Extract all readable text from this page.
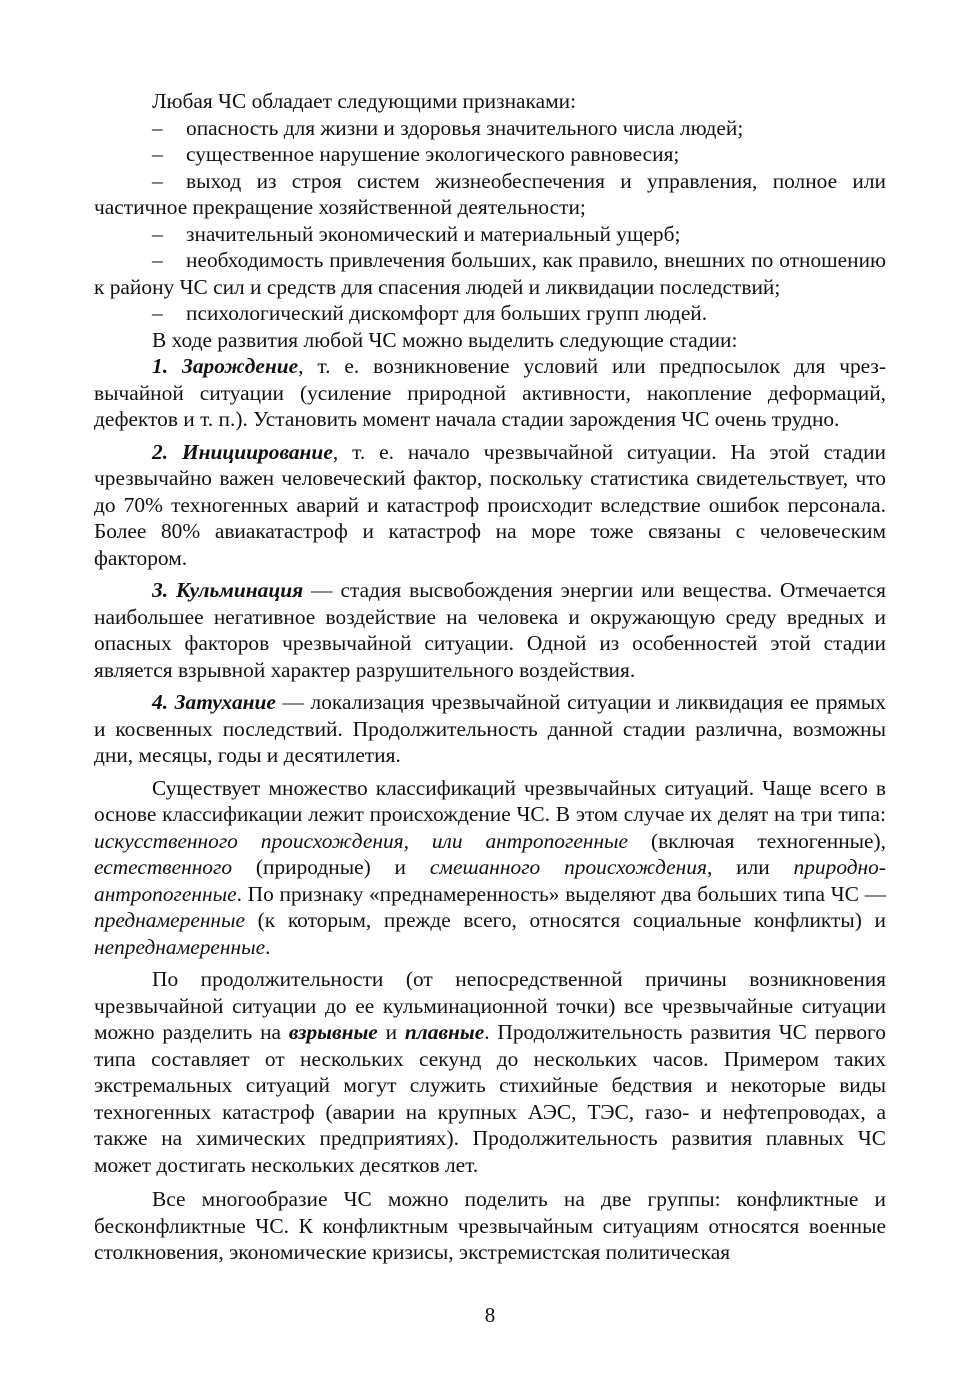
Любая ЧС обладает следующими признаками:

– опасность для жизни и здоровья значительного числа людей;

– существенное нарушение экологического равновесия;

– выход из строя систем жизнеобеспечения и управления, полное или частичное прекращение хозяйственной деятельности;

– значительный экономический и материальный ущерб;

– необходимость привлечения больших, как правило, внешних по отношению к району ЧС сил и средств для спасения людей и ликвидации последствий;

– психологический дискомфорт для больших групп людей.

В ходе развития любой ЧС можно выделить следующие стадии:

1. Зарождение, т. е. возникновение условий или предпосылок для чрезвычайной ситуации (усиление природной активности, накопление деформаций, дефектов и т. п.). Установить момент начала стадии зарождения ЧС очень трудно.

2. Инициирование, т. е. начало чрезвычайной ситуации. На этой стадии чрезвычайно важен человеческий фактор, поскольку статистика свидетельствует, что до 70% техногенных аварий и катастроф происходит вследствие ошибок персонала. Более 80% авиакатастроф и катастроф на море тоже связаны с человеческим фактором.

3. Кульминация — стадия высвобождения энергии или вещества. Отмечается наибольшее негативное воздействие на человека и окружающую среду вредных и опасных факторов чрезвычайной ситуации. Одной из особенностей этой стадии является взрывной характер разрушительного воздействия.

4. Затухание — локализация чрезвычайной ситуации и ликвидация ее прямых и косвенных последствий. Продолжительность данной стадии различна, возможны дни, месяцы, годы и десятилетия.

Существует множество классификаций чрезвычайных ситуаций. Чаще всего в основе классификации лежит происхождение ЧС. В этом случае их делят на три типа: искусственного происхождения, или антропогенные (включая техногенные), естественного (природные) и смешанного происхождения, или природно-антропогенные. По признаку «преднамеренность» выделяют два больших типа ЧС — преднамеренные (к которым, прежде всего, относятся социальные конфликты) и непреднамеренные.

По продолжительности (от непосредственной причины возникновения чрезвычайной ситуации до ее кульминационной точки) все чрезвычайные ситуации можно разделить на взрывные и плавные. Продолжительность развития ЧС первого типа составляет от нескольких секунд до нескольких часов. Примером таких экстремальных ситуаций могут служить стихийные бедствия и некоторые виды техногенных катастроф (аварии на крупных АЭС, ТЭС, газо- и нефтепроводах, а также на химических предприятиях). Продолжительность развития плавных ЧС может достигать нескольких десятков лет.

Все многообразие ЧС можно поделить на две группы: конфликтные и бесконфликтные ЧС. К конфликтным чрезвычайным ситуациям относятся военные столкновения, экономические кризисы, экстремистская политическая

8
